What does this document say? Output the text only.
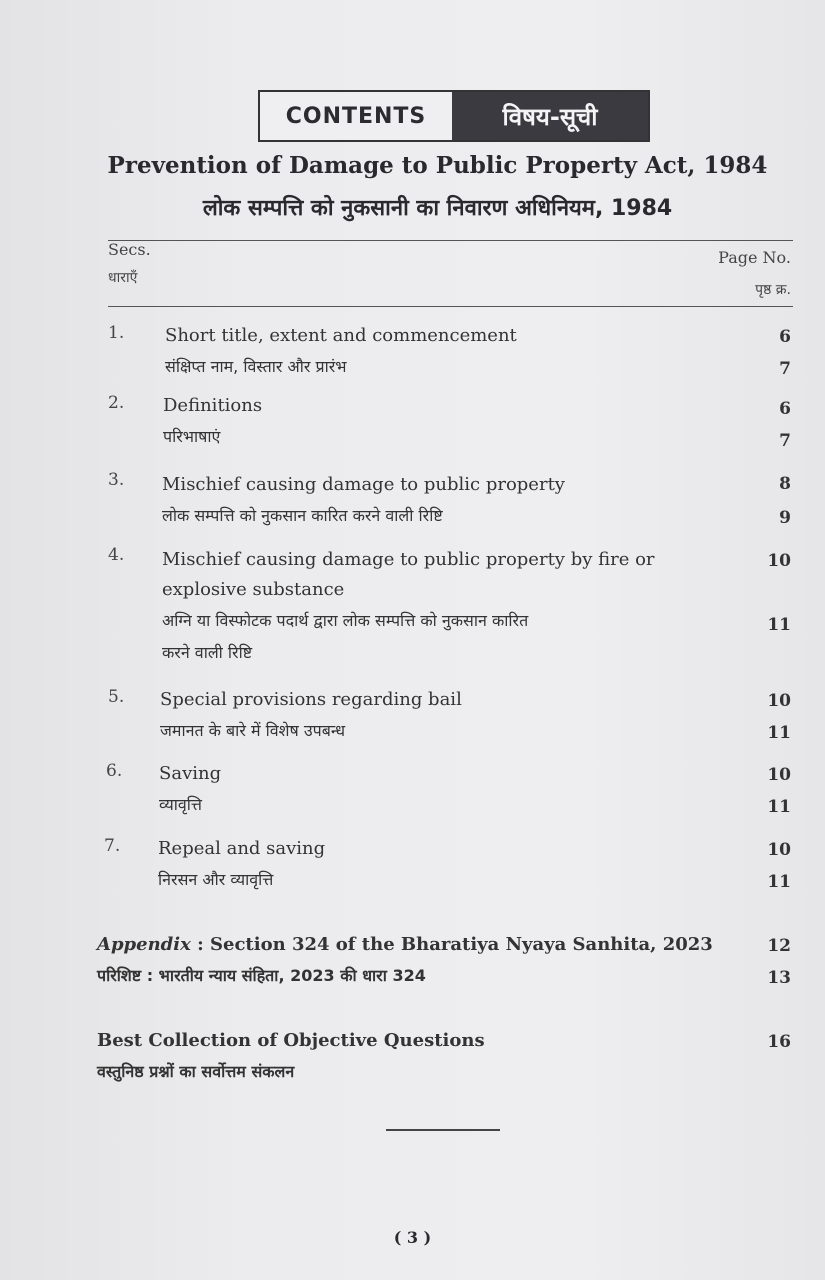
CONTENTS	विषय-सूची
Prevention of Damage to Public Property Act, 1984
लोक सम्पत्ति को नुकसानी का निवारण अधिनियम, 1984
Secs.
धाराएँ
Page No.
पृष्ठ क्र.
1. Short title, extent and commencement
संक्षिप्त नाम, विस्तार और प्रारंभ
6
7
2. Definitions
परिभाषाएं
6
7
3. Mischief causing damage to public property
लोक सम्पत्ति को नुकसान कारित करने वाली रिष्टि
8
9
4. Mischief causing damage to public property by fire or
explosive substance
अग्नि या विस्फोटक पदार्थ द्वारा लोक सम्पत्ति को नुकसान कारित
करने वाली रिष्टि
10
11
5. Special provisions regarding bail
जमानत के बारे में विशेष उपबन्ध
10
11
6. Saving
व्यावृत्ति
10
11
7. Repeal and saving
निरसन और व्यावृत्ति
10
11
Appendix : Section 324 of the Bharatiya Nyaya Sanhita, 2023
परिशिष्ट : भारतीय न्याय संहिता, 2023 की धारा 324
12
13
Best Collection of Objective Questions
वस्तुनिष्ठ प्रश्नों का सर्वोत्तम संकलन
16
( 3 )
